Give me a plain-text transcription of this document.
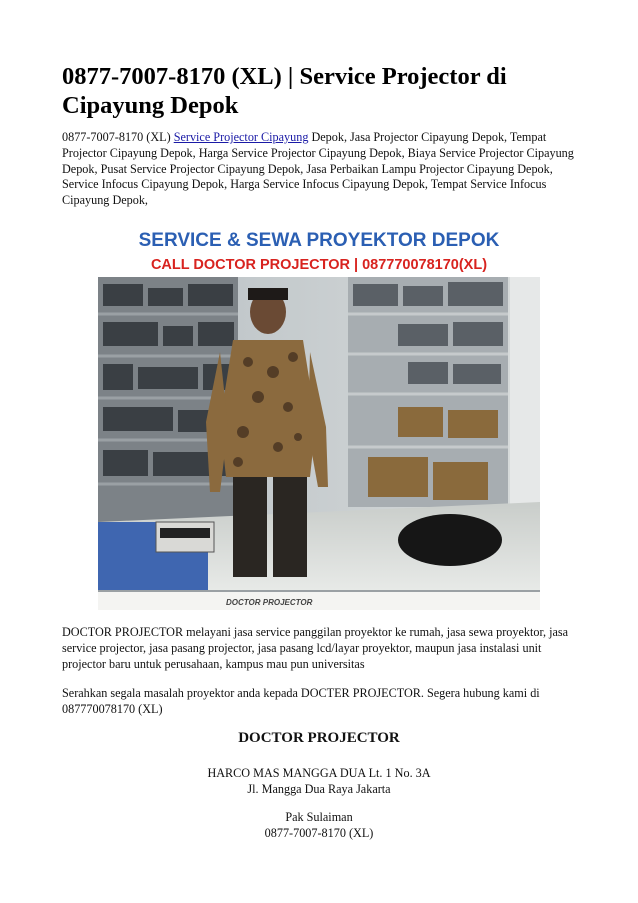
0877-7007-8170 (XL) | Service Projector di Cipayung Depok

0877-7007-8170 (XL) Service Projector Cipayung Depok, Jasa Projector Cipayung Depok, Tempat Projector Cipayung Depok, Harga Service Projector Cipayung Depok, Biaya Service Projector Cipayung Depok, Pusat Service Projector Cipayung Depok, Jasa Perbaikan Lampu Projector Cipayung Depok, Service Infocus Cipayung Depok, Harga Service Infocus Cipayung Depok, Tempat Service Infocus Cipayung Depok,

SERVICE & SEWA PROYEKTOR DEPOK
CALL DOCTOR PROJECTOR | 087770078170(XL)
DOCTOR PROJECTOR

DOCTOR PROJECTOR melayani jasa service panggilan proyektor ke rumah, jasa sewa proyektor, jasa service projector, jasa pasang projector, jasa pasang lcd/layar proyektor, maupun jasa instalasi unit projector baru untuk perusahaan, kampus mau pun universitas

Serahkan segala masalah proyektor anda kepada DOCTER PROJECTOR. Segera hubung kami di 087770078170 (XL)

DOCTOR PROJECTOR
HARCO MAS MANGGA DUA Lt. 1 No. 3A
Jl. Mangga Dua Raya Jakarta
Pak Sulaiman
0877-7007-8170 (XL)
